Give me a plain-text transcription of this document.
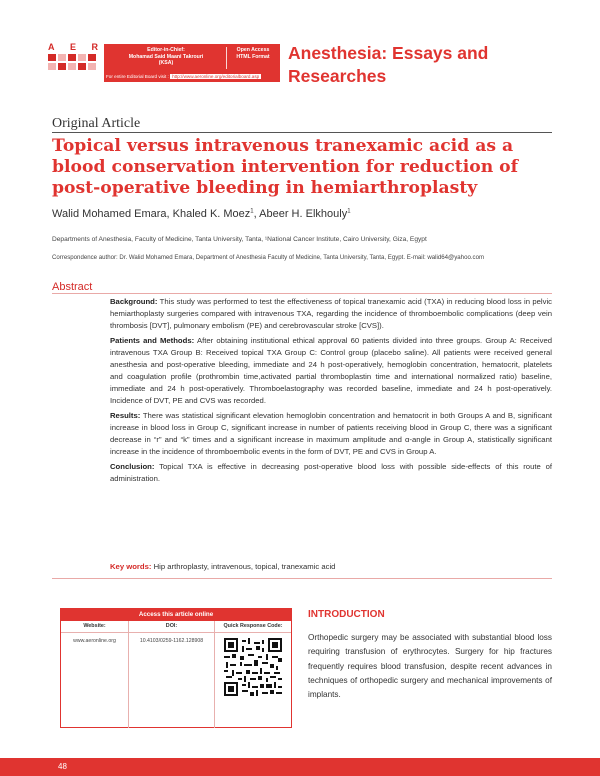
A E R	Editor-in-Chief:
Mohamad Said Maani Takrouri
(KSA)
Open Access
HTML Format
For entire Editorial Board visit : http://www.aeronline.org/editorialboard.asp
Anesthesia: Essays and Researches
Original Article
Topical versus intravenous tranexamic acid as a blood conservation intervention for reduction of post-operative bleeding in hemiarthroplasty
Walid Mohamed Emara, Khaled K. Moez$^1$, Abeer H. Elkhouly$^1$
Departments of Anesthesia, Faculty of Medicine, Tanta University, Tanta, ¹National Cancer Institute, Cairo University, Giza, Egypt
Correspondence author: Dr. Walid Mohamed Emara, Department of Anesthesia Faculty of Medicine, Tanta University, Tanta, Egypt. E-mail: walid64@yahoo.com
Abstract

Background: This study was performed to test the effectiveness of topical tranexamic acid (TXA) in reducing blood loss in pelvic hemiarthoplasty surgeries compared with intravenous TXA, regarding the incidence of thromboembolic complications (deep vein thrombosis [DVT], pulmonary embolism (PE) and cerebrovascular stroke [CVS]).

Patients and Methods: After obtaining institutional ethical approval 60 patients divided into three groups. Group A: Received intravenous TXA Group B: Received topical TXA Group C: Control group (placebo saline). All patients were received general anesthesia and post-operative bleeding, immediate and 24 h post-operatively, hemoglobin concentration, hematocrit, platelets and coagulation profile (prothrombin time,activated partial thromboplastin time and international normalized ratio) baseline, immediate and 24 h post-operatively. Thromboelastography was recorded baseline, immediate and 24 h post-operatively. Incidence of DVT, PE and CVS was recorded.

Results: There was statistical significant elevation hemoglobin concentration and hematocrit in both Groups A and B, significant increase in blood loss in Group C, significant increase in number of patients receiving blood in Group C, there was a significant decrease in “r” and “k” times and a significant increase in maximum amplitude and α-angle in Group A, statistically significant increase in the incidence of thromboembolic events in the form of DVT, PE and CVS in Group A.

Conclusion: Topical TXA is effective in decreasing post-operative blood loss with possible side-effects of this route of administration.

Key words: Hip arthroplasty, intravenous, topical, tranexamic acid
Access this article online
Website:	DOI:	Quick Response Code:
www.aeronline.org	10.4103/0259-1162.128908
INTRODUCTION

Orthopedic surgery may be associated with substantial blood loss requiring transfusion of erythrocytes. Surgery for hip fractures frequently requires blood transfusion, despite recent advances in techniques of orthopedic surgery and mechanical improvements of implants.

48
